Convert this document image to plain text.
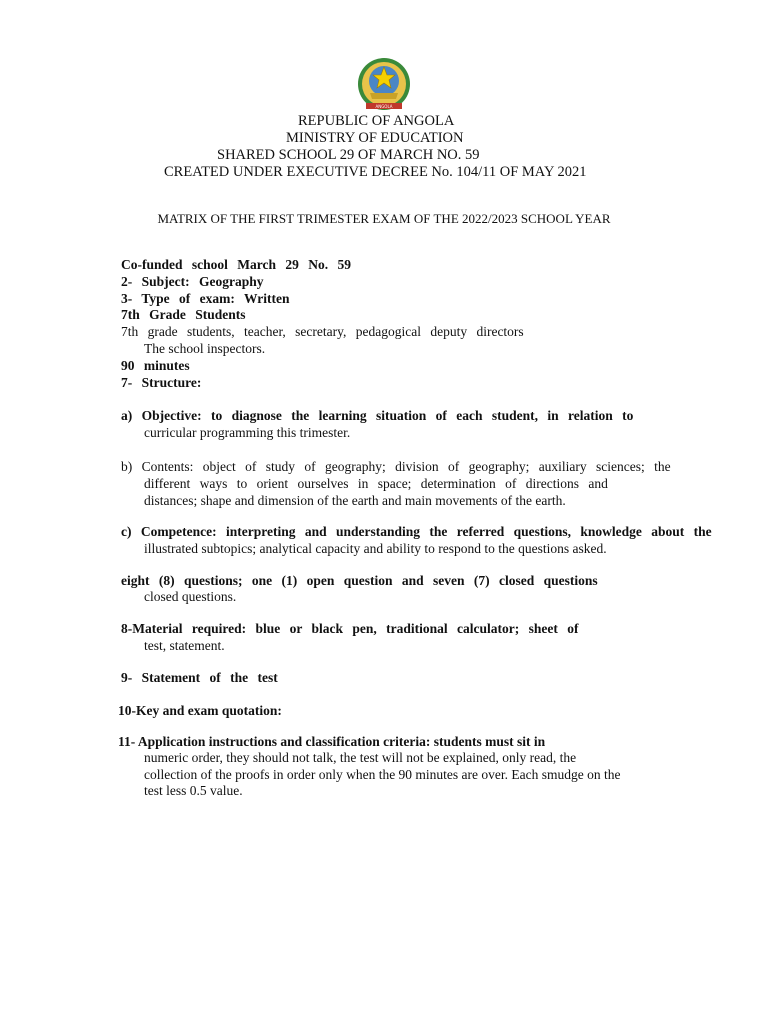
ANGOLA
REPUBLIC OF ANGOLA
MINISTRY OF EDUCATION
SHARED SCHOOL 29 OF MARCH NO. 59
CREATED UNDER EXECUTIVE DECREE No. 104/11 OF MAY 2021
MATRIX OF THE FIRST TRIMESTER EXAM OF THE 2022/2023 SCHOOL YEAR
Co-funded school March 29 No. 59
2- Subject: Geography
3- Type of exam: Written
7th Grade Students
7th grade students, teacher, secretary, pedagogical deputy directors
The school inspectors.
90 minutes
7- Structure:
a) Objective: to diagnose the learning situation of each student, in relation to
curricular programming this trimester.
b) Contents: object of study of geography; division of geography; auxiliary sciences; the
different ways to orient ourselves in space; determination of directions and
distances; shape and dimension of the earth and main movements of the earth.
c) Competence: interpreting and understanding the referred questions, knowledge about the
illustrated subtopics; analytical capacity and ability to respond to the questions asked.
eight (8) questions; one (1) open question and seven (7) closed questions
closed questions.
8-Material required: blue or black pen, traditional calculator; sheet of
test, statement.
9- Statement of the test
10-Key and exam quotation:
11- Application instructions and classification criteria: students must sit in
numeric order, they should not talk, the test will not be explained, only read, the
collection of the proofs in order only when the 90 minutes are over. Each smudge on the
test less 0.5 value.
